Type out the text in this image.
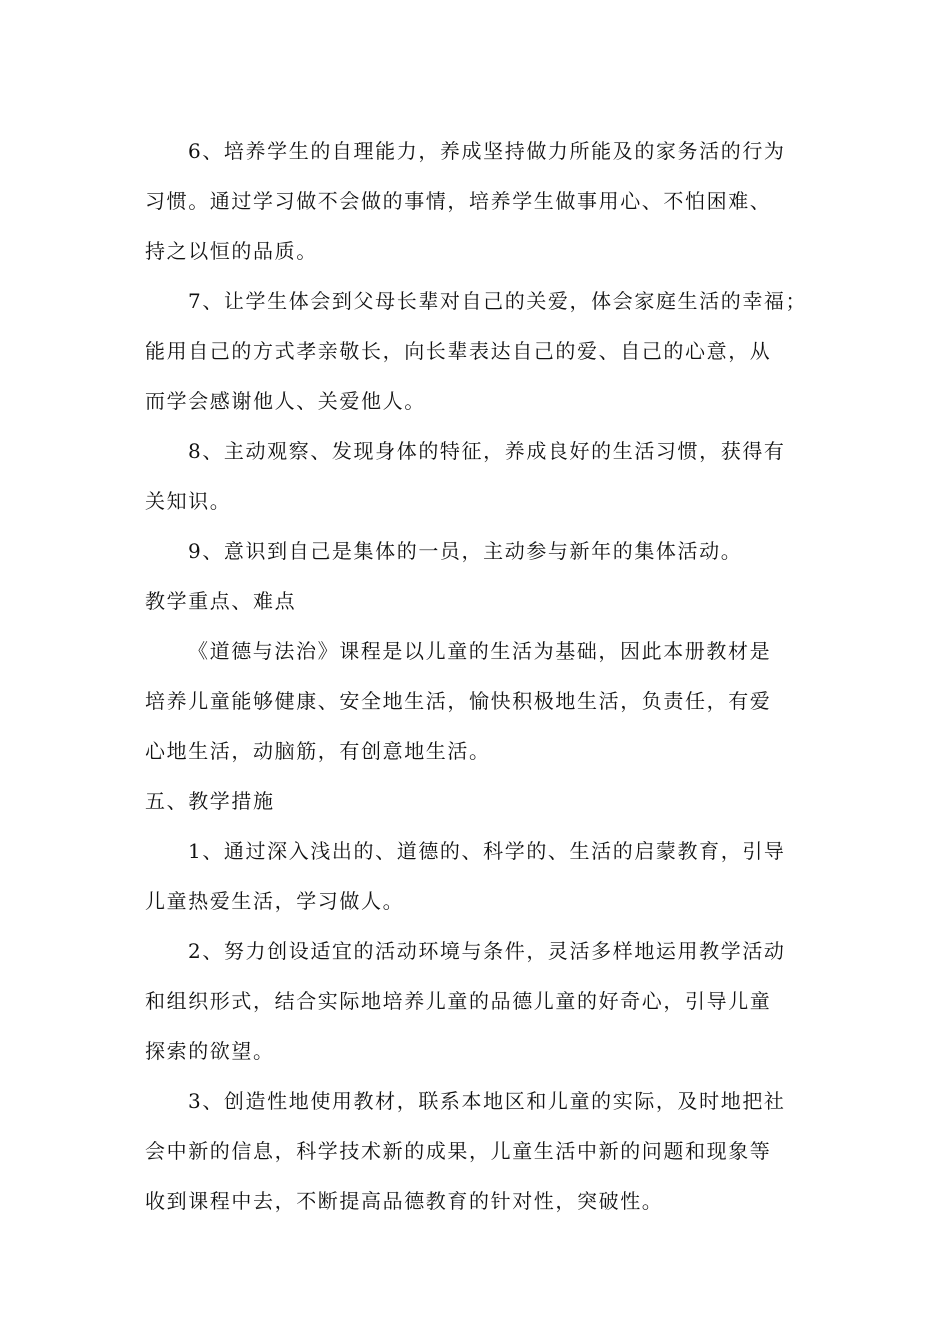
6、培养学生的自理能力，养成坚持做力所能及的家务活的行为
习惯。通过学习做不会做的事情，培养学生做事用心、不怕困难、
持之以恒的品质。
7、让学生体会到父母长辈对自己的关爱，体会家庭生活的幸福；
能用自己的方式孝亲敬长，向长辈表达自己的爱、自己的心意，从
而学会感谢他人、关爱他人。
8、主动观察、发现身体的特征，养成良好的生活习惯，获得有
关知识。
9、意识到自己是集体的一员，主动参与新年的集体活动。
教学重点、难点
《道德与法治》课程是以儿童的生活为基础，因此本册教材是
培养儿童能够健康、安全地生活，愉快积极地生活，负责任，有爱
心地生活，动脑筋，有创意地生活。
五、教学措施
1、通过深入浅出的、道德的、科学的、生活的启蒙教育，引导
儿童热爱生活，学习做人。
2、努力创设适宜的活动环境与条件，灵活多样地运用教学活动
和组织形式，结合实际地培养儿童的品德儿童的好奇心，引导儿童
探索的欲望。
3、创造性地使用教材，联系本地区和儿童的实际，及时地把社
会中新的信息，科学技术新的成果，儿童生活中新的问题和现象等
收到课程中去，不断提高品德教育的针对性，突破性。
